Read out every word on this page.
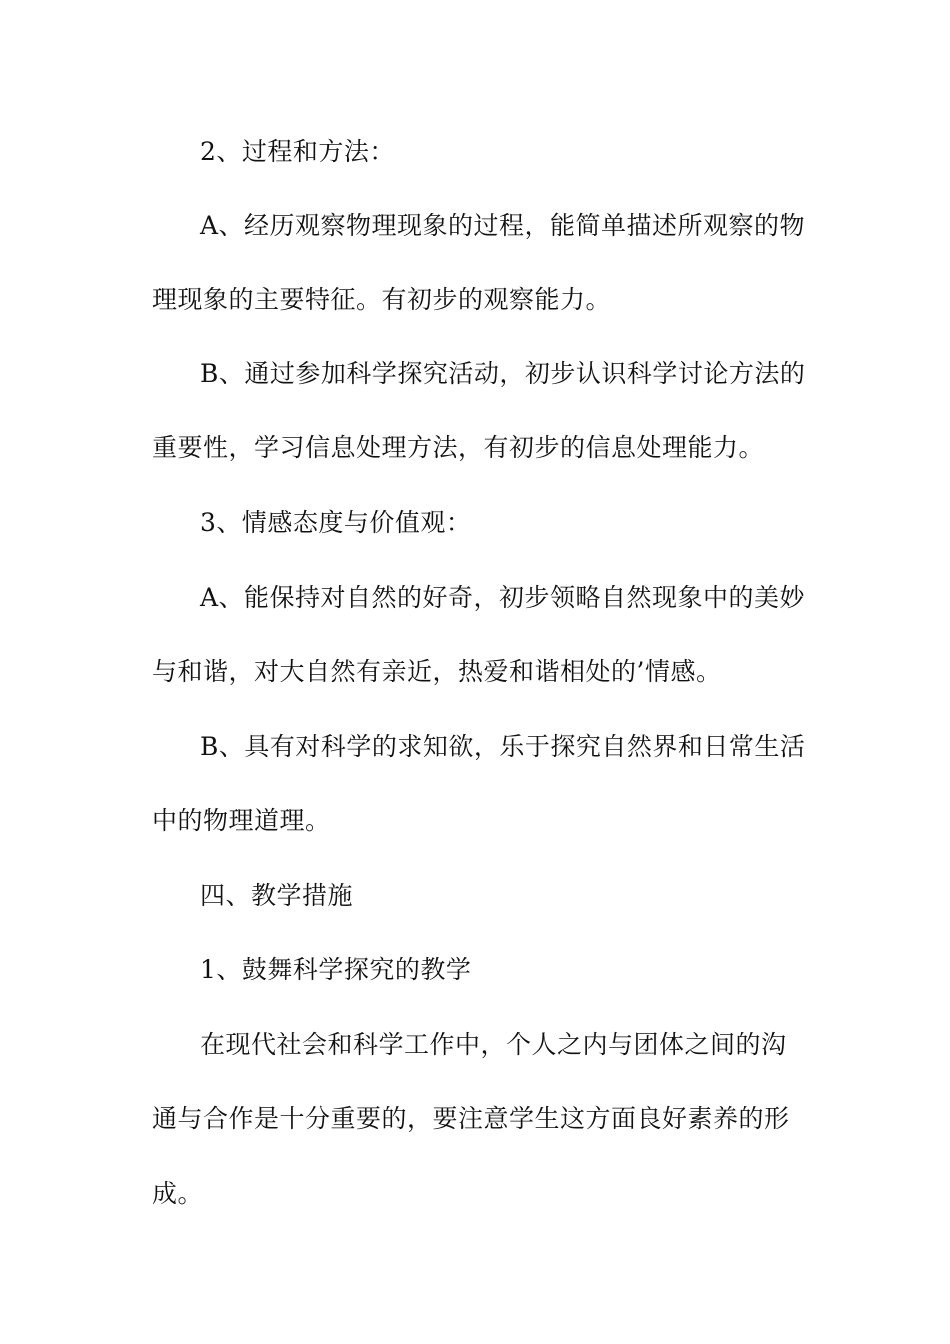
2、过程和方法：
A、经历观察物理现象的过程，能简单描述所观察的物
理现象的主要特征。有初步的观察能力。
B、通过参加科学探究活动，初步认识科学讨论方法的
重要性，学习信息处理方法，有初步的信息处理能力。
3、情感态度与价值观：
A、能保持对自然的好奇，初步领略自然现象中的美妙
与和谐，对大自然有亲近，热爱和谐相处的’情感。
B、具有对科学的求知欲，乐于探究自然界和日常生活
中的物理道理。
四、教学措施
1、鼓舞科学探究的教学
在现代社会和科学工作中，个人之内与团体之间的沟
通与合作是十分重要的，要注意学生这方面良好素养的形
成。
